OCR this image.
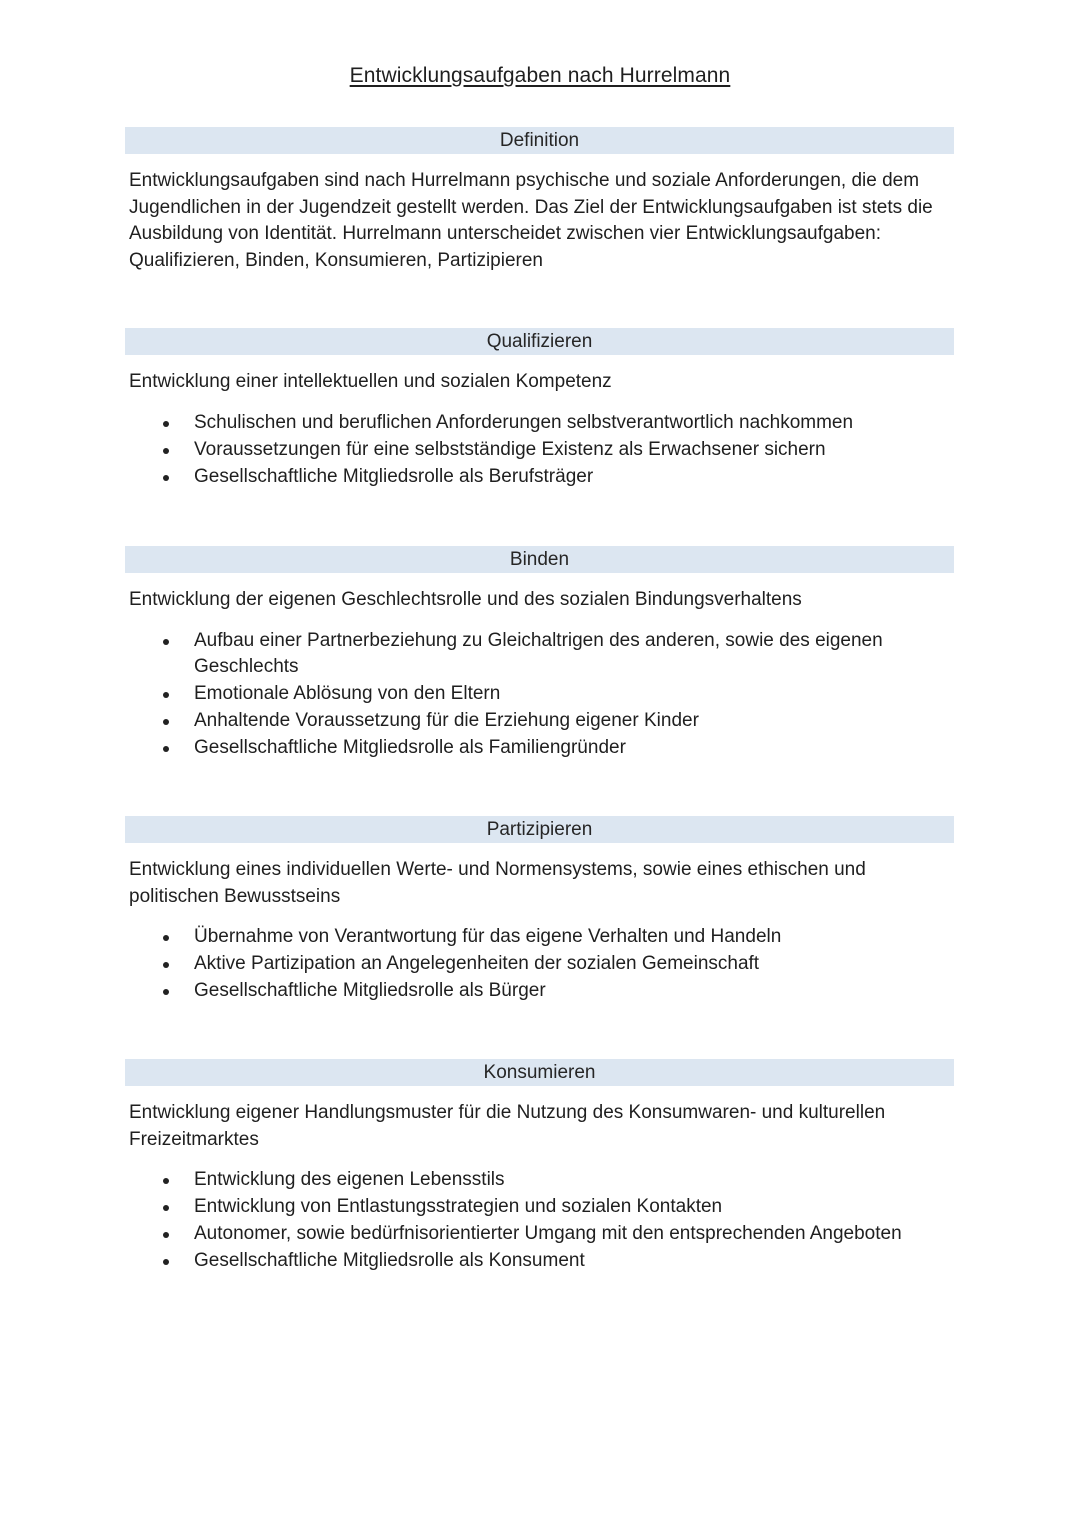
Entwicklungsaufgaben nach Hurrelmann
Definition
Entwicklungsaufgaben sind nach Hurrelmann psychische und soziale Anforderungen, die dem Jugendlichen in der Jugendzeit gestellt werden. Das Ziel der Entwicklungsaufgaben ist stets die Ausbildung von Identität. Hurrelmann unterscheidet zwischen vier Entwicklungsaufgaben: Qualifizieren, Binden, Konsumieren, Partizipieren
Qualifizieren
Entwicklung einer intellektuellen und sozialen Kompetenz
Schulischen und beruflichen Anforderungen selbstverantwortlich nachkommen
Voraussetzungen für eine selbstständige Existenz als Erwachsener sichern
Gesellschaftliche Mitgliedsrolle als Berufsträger
Binden
Entwicklung der eigenen Geschlechtsrolle und des sozialen Bindungsverhaltens
Aufbau einer Partnerbeziehung zu Gleichaltrigen des anderen, sowie des eigenen Geschlechts
Emotionale Ablösung von den Eltern
Anhaltende Voraussetzung für die Erziehung eigener Kinder
Gesellschaftliche Mitgliedsrolle als Familiengründer
Partizipieren
Entwicklung eines individuellen Werte- und Normensystems, sowie eines ethischen und politischen Bewusstseins
Übernahme von Verantwortung für das eigene Verhalten und Handeln
Aktive Partizipation an Angelegenheiten der sozialen Gemeinschaft
Gesellschaftliche Mitgliedsrolle als Bürger
Konsumieren
Entwicklung eigener Handlungsmuster für die Nutzung des Konsumwaren- und kulturellen Freizeitmarktes
Entwicklung des eigenen Lebensstils
Entwicklung von Entlastungsstrategien und sozialen Kontakten
Autonomer, sowie bedürfnisorientierter Umgang mit den entsprechenden Angeboten
Gesellschaftliche Mitgliedsrolle als Konsument
